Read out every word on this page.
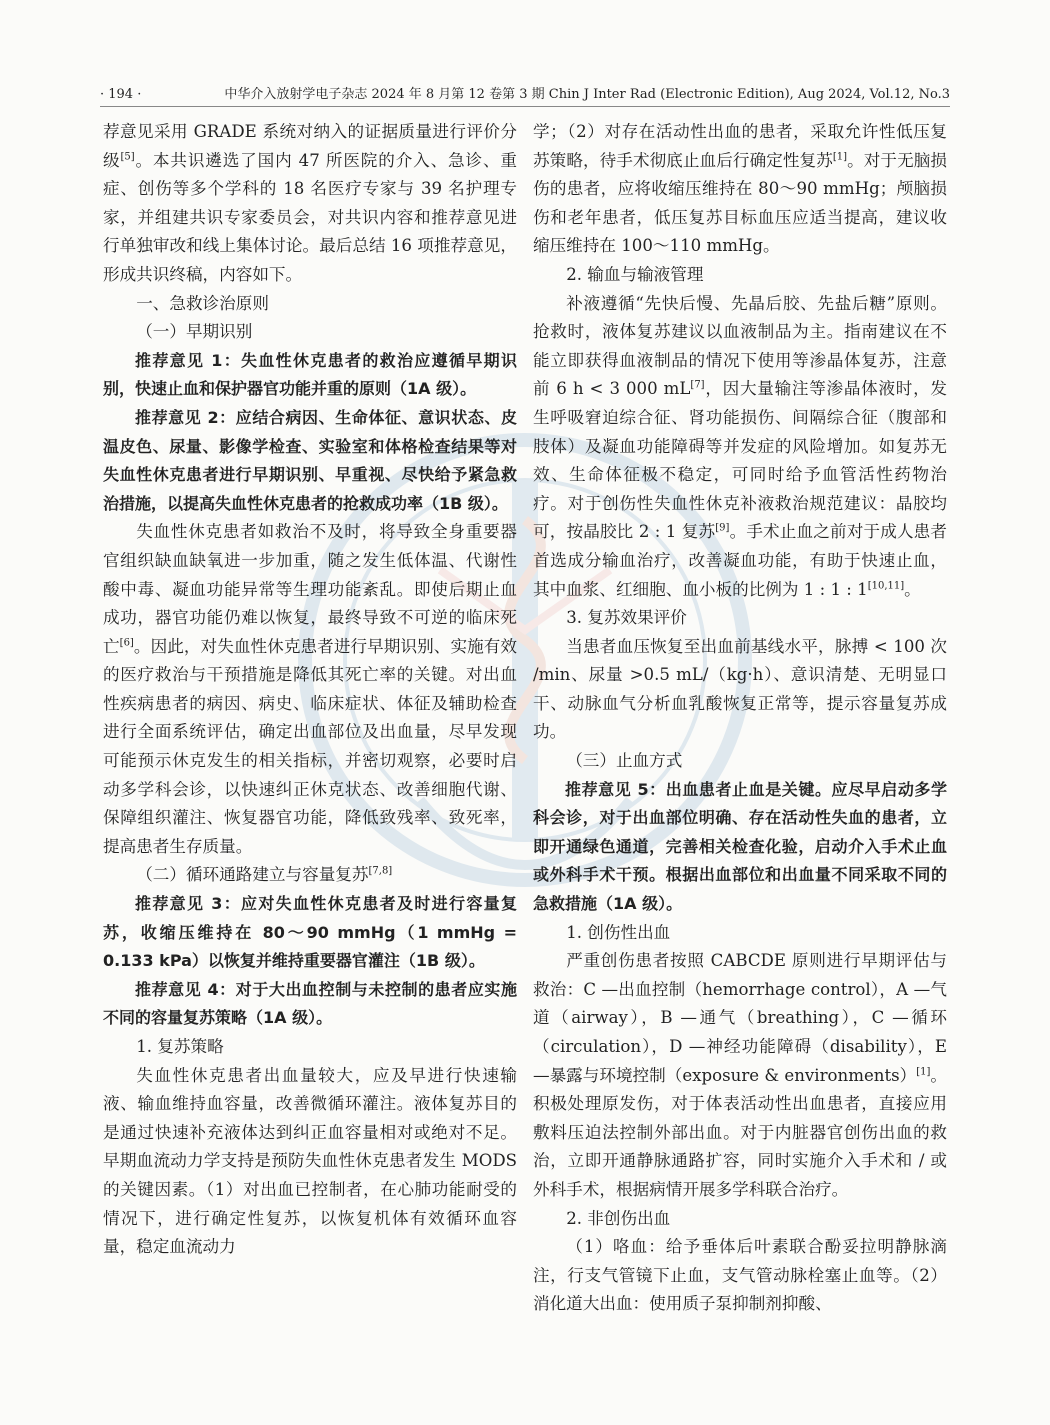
· 194 ·	中华介入放射学电子杂志 2024 年 8 月第 12 卷第 3 期 Chin J Inter Rad (Electronic Edition), Aug 2024, Vol.12, No.3

荐意见采用 GRADE 系统对纳入的证据质量进行评价分级[5]。本共识遴选了国内 47 所医院的介入、急诊、重症、创伤等多个学科的 18 名医疗专家与 39 名护理专家，并组建共识专家委员会，对共识内容和推荐意见进行单独审改和线上集体讨论。最后总结 16 项推荐意见，形成共识终稿，内容如下。

一、急救诊治原则

（一）早期识别

推荐意见 1：失血性休克患者的救治应遵循早期识别，快速止血和保护器官功能并重的原则（1A 级）。

推荐意见 2：应结合病因、生命体征、意识状态、皮温皮色、尿量、影像学检查、实验室和体格检查结果等对失血性休克患者进行早期识别、早重视、尽快给予紧急救治措施，以提高失血性休克患者的抢救成功率（1B 级）。

失血性休克患者如救治不及时，将导致全身重要器官组织缺血缺氧进一步加重，随之发生低体温、代谢性酸中毒、凝血功能异常等生理功能紊乱。即使后期止血成功，器官功能仍难以恢复，最终导致不可逆的临床死亡[6]。因此，对失血性休克患者进行早期识别、实施有效的医疗救治与干预措施是降低其死亡率的关键。对出血性疾病患者的病因、病史、临床症状、体征及辅助检查进行全面系统评估，确定出血部位及出血量，尽早发现可能预示休克发生的相关指标，并密切观察，必要时启动多学科会诊，以快速纠正休克状态、改善细胞代谢、保障组织灌注、恢复器官功能，降低致残率、致死率，提高患者生存质量。

（二）循环通路建立与容量复苏[7,8]

推荐意见 3：应对失血性休克患者及时进行容量复苏，收缩压维持在 80～90 mmHg（1 mmHg = 0.133 kPa）以恢复并维持重要器官灌注（1B 级）。

推荐意见 4：对于大出血控制与未控制的患者应实施不同的容量复苏策略（1A 级）。

1. 复苏策略

失血性休克患者出血量较大，应及早进行快速输液、输血维持血容量，改善微循环灌注。液体复苏目的是通过快速补充液体达到纠正血容量相对或绝对不足。早期血流动力学支持是预防失血性休克患者发生 MODS 的关键因素。（1）对出血已控制者，在心肺功能耐受的情况下，进行确定性复苏，以恢复机体有效循环血容量，稳定血流动力

学；（2）对存在活动性出血的患者，采取允许性低压复苏策略，待手术彻底止血后行确定性复苏[1]。对于无脑损伤的患者，应将收缩压维持在 80～90 mmHg；颅脑损伤和老年患者，低压复苏目标血压应适当提高，建议收缩压维持在 100～110 mmHg。

2. 输血与输液管理

补液遵循“先快后慢、先晶后胶、先盐后糖”原则。抢救时，液体复苏建议以血液制品为主。指南建议在不能立即获得血液制品的情况下使用等渗晶体复苏，注意前 6 h < 3 000 mL[7]，因大量输注等渗晶体液时，发生呼吸窘迫综合征、肾功能损伤、间隔综合征（腹部和肢体）及凝血功能障碍等并发症的风险增加。如复苏无效、生命体征极不稳定，可同时给予血管活性药物治疗。对于创伤性失血性休克补液救治规范建议：晶胶均可，按晶胶比 2 : 1 复苏[9]。手术止血之前对于成人患者首选成分输血治疗，改善凝血功能，有助于快速止血，其中血浆、红细胞、血小板的比例为 1 : 1 : 1[10,11]。

3. 复苏效果评价

当患者血压恢复至出血前基线水平，脉搏 < 100 次 /min、尿量 >0.5 mL/（kg·h）、意识清楚、无明显口干、动脉血气分析血乳酸恢复正常等，提示容量复苏成功。

（三）止血方式

推荐意见 5：出血患者止血是关键。应尽早启动多学科会诊，对于出血部位明确、存在活动性失血的患者，立即开通绿色通道，完善相关检查化验，启动介入手术止血或外科手术干预。根据出血部位和出血量不同采取不同的急救措施（1A 级）。

1. 创伤性出血

严重创伤患者按照 CABCDE 原则进行早期评估与救治：C —出血控制（hemorrhage control），A —气道（airway），B —通气（breathing），C —循环（circulation），D —神经功能障碍（disability），E —暴露与环境控制（exposure & environments）[1]。积极处理原发伤，对于体表活动性出血患者，直接应用敷料压迫法控制外部出血。对于内脏器官创伤出血的救治，立即开通静脉通路扩容，同时实施介入手术和 / 或外科手术，根据病情开展多学科联合治疗。

2. 非创伤出血

（1）咯血：给予垂体后叶素联合酚妥拉明静脉滴注，行支气管镜下止血，支气管动脉栓塞止血等。（2）消化道大出血：使用质子泵抑制剂抑酸、
